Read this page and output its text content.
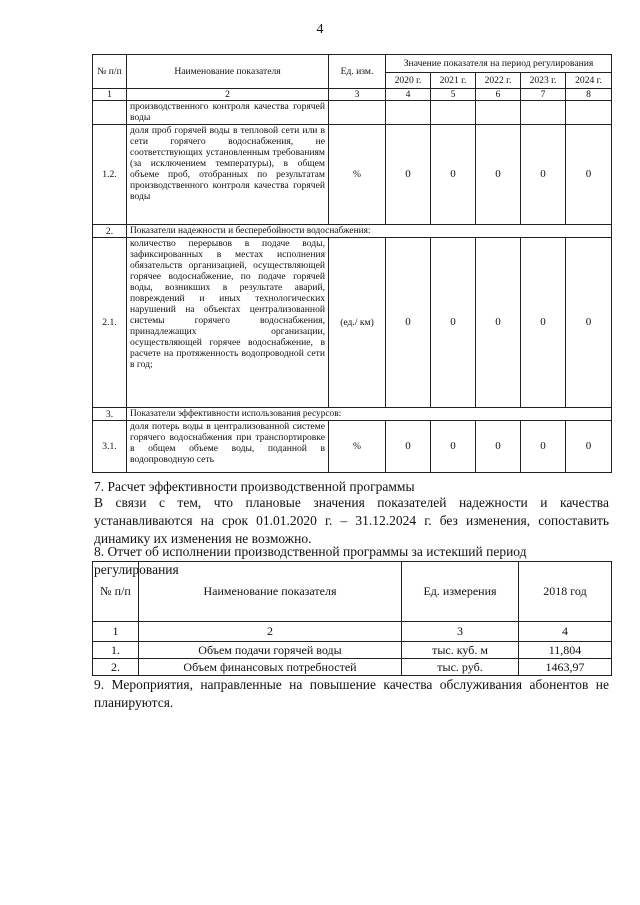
4
№ п/п	Наименование показателя	Ед. изм.	Значение показателя на период регулирования				
			2020 г.	2021 г.	2022 г.	2023 г.	2024 г.
1	2	3	4	5	6	7	8
	производственного контроля качества горячей воды						
1.2.	доля проб горячей воды в тепловой сети или в сети горячего водоснабжения, не соответствующих установленным требованиям (за исключением температуры), в общем объеме проб, отобранных по результатам производственного контроля качества горячей воды	%	0	0	0	0	0
2.	Показатели надежности и бесперебойности водоснабжения:						
2.1.	количество перерывов в подаче воды, зафиксированных в местах исполнения обязательств организацией, осуществляющей горячее водоснабжение, по подаче горячей воды, возникших в результате аварий, повреждений и иных технологических нарушений на объектах централизованной системы горячего водоснабжения, принадлежащих организации, осуществляющей горячее водоснабжение, в расчете на протяженность водопроводной сети в год;	(ед./ км)	0	0	0	0	0
3.	Показатели эффективности использования ресурсов:						
3.1.	доля потерь воды в централизованной системе горячего водоснабжения при транспортировке в общем объеме воды, поданной в водопроводную сеть	%	0	0	0	0	0
7. Расчет эффективности производственной программы
В связи с тем, что плановые значения показателей надежности и качества устанавливаются на срок 01.01.2020 г. – 31.12.2024 г. без изменения, сопоставить динамику их изменения не возможно.
8. Отчет об исполнении производственной программы за истекший период регулирования
№ п/п	Наименование показателя	Ед. измерения	2018 год
1	2	3	4
1.	Объем подачи горячей воды	тыс. куб. м	11,804
2.	Объем финансовых потребностей	тыс. руб.	1463,97
9. Мероприятия, направленные на повышение качества обслуживания абонентов не планируются.
